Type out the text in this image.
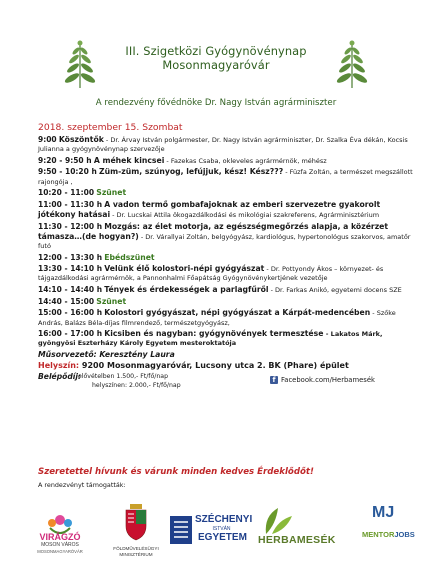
III. Szigetközi Gyógynövénynap
Mosonmagyaróvár
A rendezvény fővédnöke Dr. Nagy István agrárminiszter
2018. szeptember 15. Szombat
9:00 Köszöntők - Dr. Árvay István polgármester, Dr. Nagy István agrárminiszter, Dr. Szalka Éva dékán, Kocsis Julianna a gyógynövénynap szervezője
9:20 - 9:50 h A méhek kincsei - Fazekas Csaba, okleveles agrármérnök, méhész
9:50 - 10:20 h Züm-züm, szúnyog, lefújjuk, kész! Kész??? - Füzfa Zoltán, a természet megszállott rajongója ,
10:20 - 11:00 Szünet
11:00 - 11:30 h A vadon termő gombafajoknak az emberi szervezetre gyakorolt jótékony hatásai - Dr. Lucskai Attila ökogazdálkodási és mikológiai szakreferens, Agrárminisztérium
11:30 - 12:00 h Mozgás: az élet motorja, az egészségmegőrzés alapja, a közérzet támasza…(de hogyan?) - Dr. Várallyai Zoltán, belgyógyász, kardiológus, hypertonológus szakorvos, amatőr futó
12:00 - 13:30 h Ebédszünet
13:30 - 14:10 h Velünk élő kolostori-népi gyógyászat - Dr. Pottyondy Ákos – környezet- és tájgazdálkodási agrármérnök, a Pannonhalmi Főapátság Gyógynövénykertjének vezetője
14:10 - 14:40 h Tények és érdekességek a parlagfűről - Dr. Farkas Anikó, egyetemi docens SZE
14:40 - 15:00 Szünet
15:00 - 16:00 h Kolostori gyógyászat, népi gyógyászat a Kárpát-medencében - Szőke András, Balázs Béla-díjas filmrendező, természetgyógyász,
16:00 - 17:00 h Kicsiben és nagyban: gyógynövények termesztése - Lakatos Márk, gyöngyösi Eszterházy Károly Egyetem mesteroktatója
Műsorvezető: Keresztény Laura
Helyszín: 9200 Mosonmagyaróvár, Lucsony utca 2. BK (Phare) épület
Belépődíj:
elővételben 1.500,- Ft/fő/nap
helyszínen: 2.000,- Ft/fő/nap
f Facebook.com/Herbamesék
Szeretettel hívunk és várunk minden kedves Érdeklődőt!
A rendezvényt támogatták:
VIRÁGZÓ
MOSON VÁROS
MOSONMAGYARÓVÁR
FÖLDMŰVELÉSÜGYI
MINISZTÉRIUM
SZÉCHENYI
ISTVÁN
EGYETEM HERBAMESÉK
MJ
MENTORJOBS
